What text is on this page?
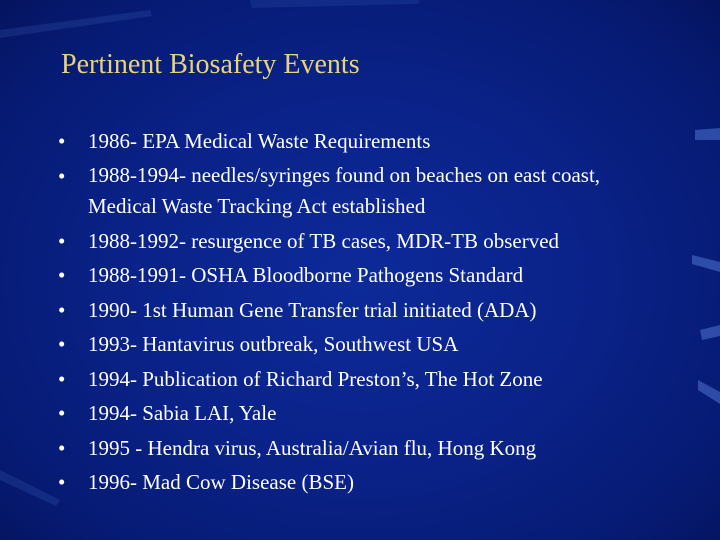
Pertinent Biosafety Events
• 1986- EPA Medical Waste Requirements
• 1988-1994- needles/syringes found on beaches on east coast, Medical Waste Tracking Act established
• 1988-1992- resurgence of TB cases, MDR-TB observed
• 1988-1991- OSHA Bloodborne Pathogens Standard
• 1990- 1st Human Gene Transfer trial initiated (ADA)
• 1993- Hantavirus outbreak, Southwest USA
• 1994- Publication of Richard Preston’s, The Hot Zone
• 1994- Sabia LAI, Yale
• 1995 - Hendra virus, Australia/Avian flu, Hong Kong
• 1996- Mad Cow Disease (BSE)
